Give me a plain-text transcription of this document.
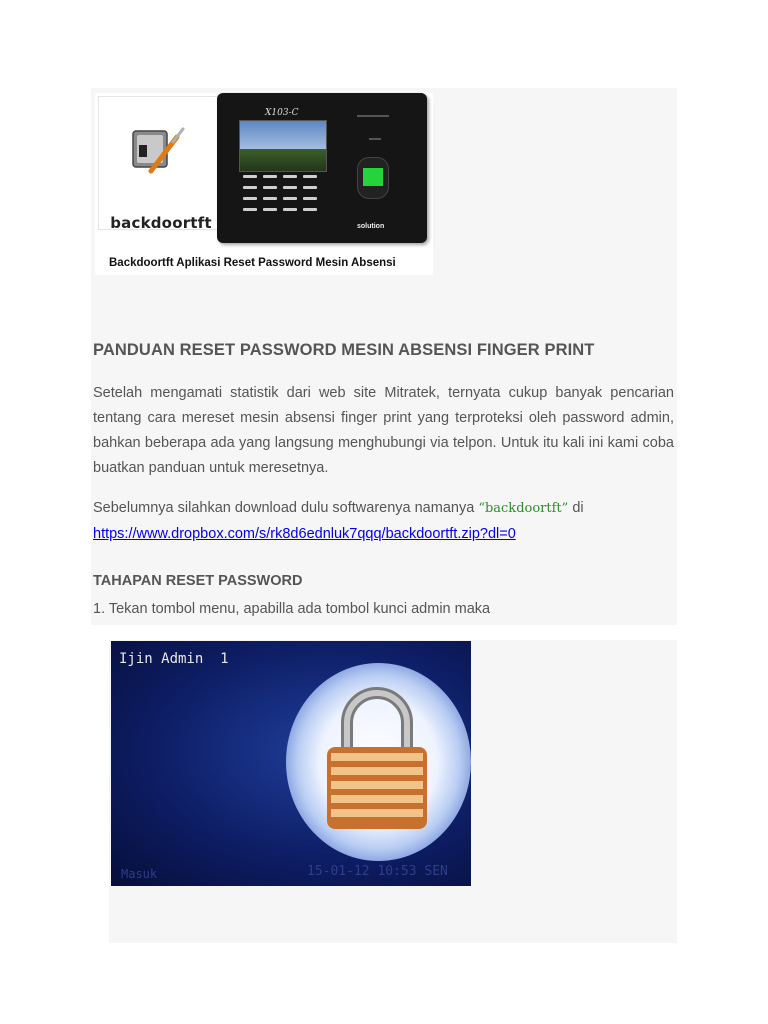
backdoortft
X103-C
solution
Backdoortft Aplikasi Reset Password Mesin Absensi
PANDUAN RESET PASSWORD MESIN ABSENSI FINGER PRINT

Setelah mengamati statistik dari web site Mitratek, ternyata cukup banyak pencarian tentang cara mereset mesin absensi finger print yang terproteksi oleh password admin, bahkan beberapa ada yang langsung menghubungi via telpon. Untuk itu kali ini kami coba buatkan panduan untuk meresetnya.

Sebelumnya silahkan download dulu softwarenya namanya “backdoortft” di

https://www.dropbox.com/s/rk8d6ednluk7qqq/backdoortft.zip?dl=0
TAHAPAN RESET PASSWORD
1. Tekan tombol menu, apabilla ada tombol kunci admin maka
Ijin Admin  1
Masuk	15-01-12 10:53 SEN
